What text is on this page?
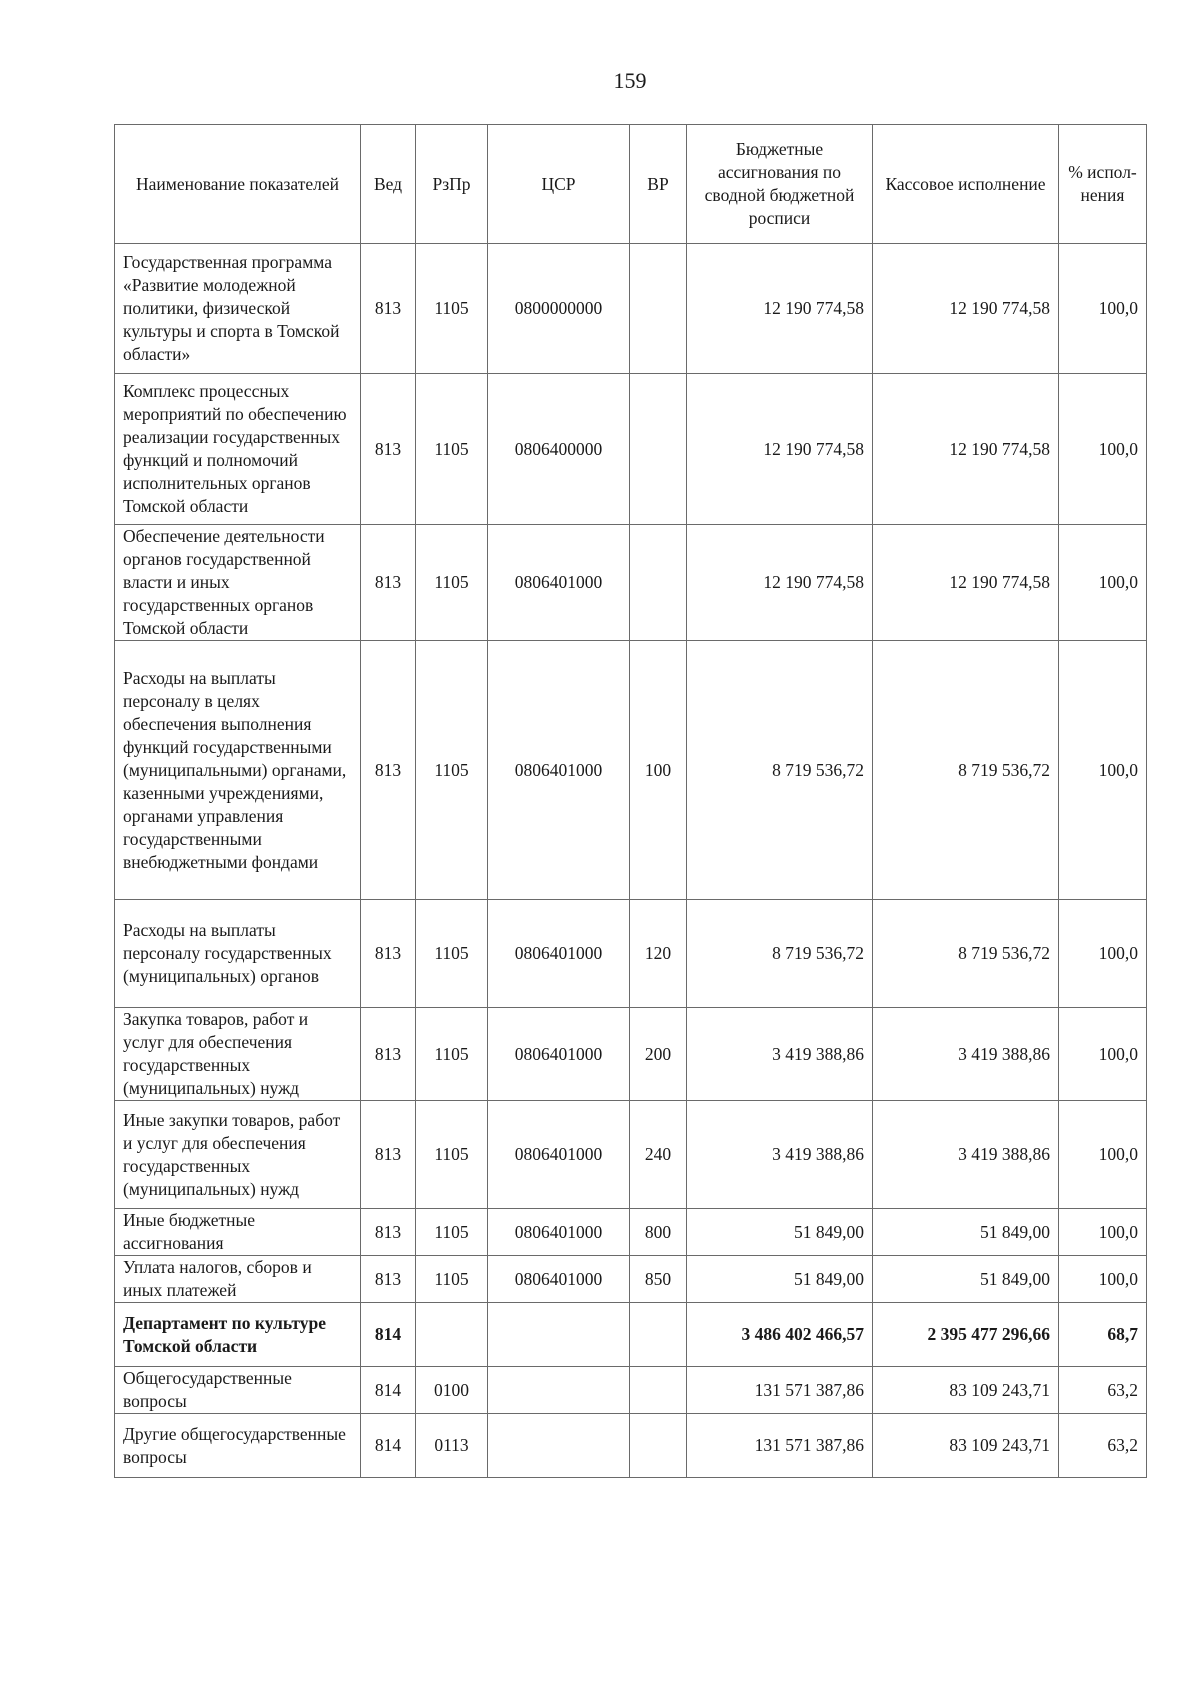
159
Наименование показателей	Вед	РзПр	ЦСР	ВР	Бюджетные ассигнования по сводной бюджетной росписи	Кассовое исполнение	% испол-нения
Государственная программа «Развитие молодежной политики, физической культуры и спорта в Томской области»	813	1105	0800000000		12 190 774,58	12 190 774,58	100,0
Комплекс процессных мероприятий по обеспечению реализации государственных функций и полномочий исполнительных органов Томской области	813	1105	0806400000		12 190 774,58	12 190 774,58	100,0
Обеспечение деятельности органов государственной власти и иных государственных органов Томской области	813	1105	0806401000		12 190 774,58	12 190 774,58	100,0
Расходы на выплаты персоналу в целях обеспечения выполнения функций государственными (муниципальными) органами, казенными учреждениями, органами управления государственными внебюджетными фондами	813	1105	0806401000	100	8 719 536,72	8 719 536,72	100,0
Расходы на выплаты персоналу государственных (муниципальных) органов	813	1105	0806401000	120	8 719 536,72	8 719 536,72	100,0
Закупка товаров, работ и услуг для обеспечения государственных (муниципальных) нужд	813	1105	0806401000	200	3 419 388,86	3 419 388,86	100,0
Иные закупки товаров, работ и услуг для обеспечения государственных (муниципальных) нужд	813	1105	0806401000	240	3 419 388,86	3 419 388,86	100,0
Иные бюджетные ассигнования	813	1105	0806401000	800	51 849,00	51 849,00	100,0
Уплата налогов, сборов и иных платежей	813	1105	0806401000	850	51 849,00	51 849,00	100,0
Департамент по культуре Томской области	814				3 486 402 466,57	2 395 477 296,66	68,7
Общегосударственные вопросы	814	0100			131 571 387,86	83 109 243,71	63,2
Другие общегосударственные вопросы	814	0113			131 571 387,86	83 109 243,71	63,2
